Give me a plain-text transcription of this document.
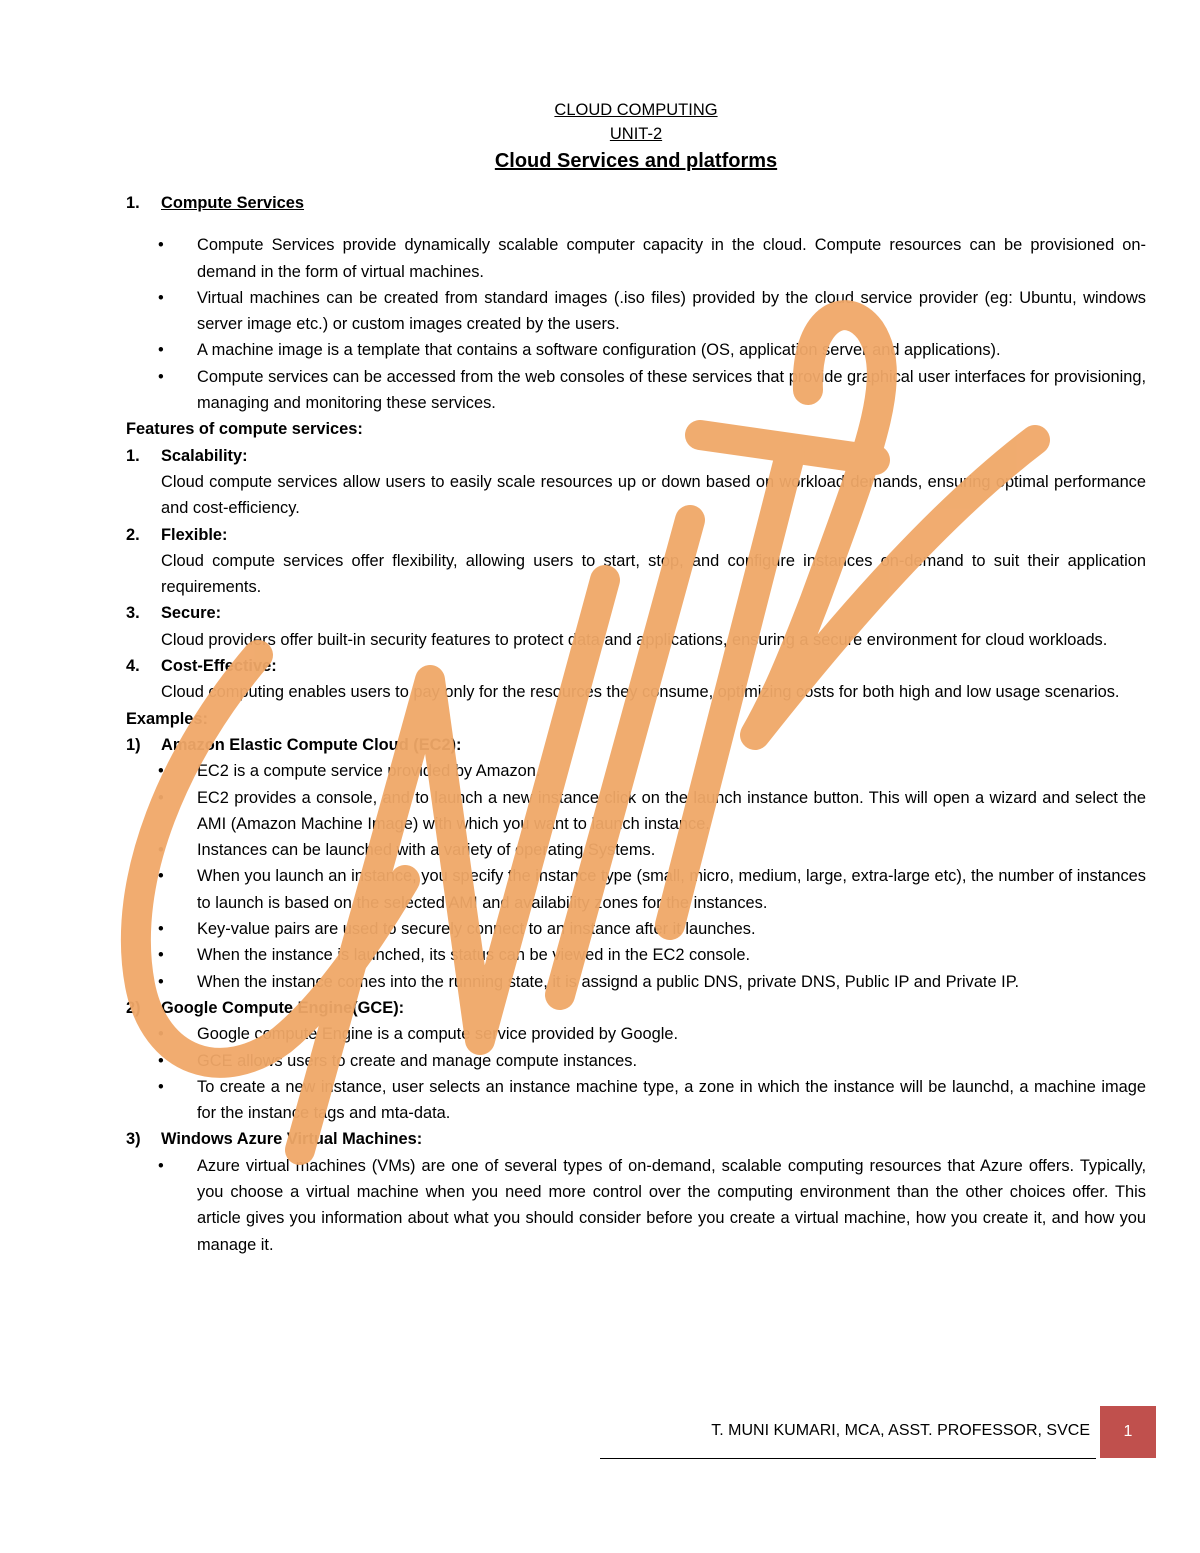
CLOUD COMPUTING

UNIT-2

Cloud Services and platforms

1.	Compute Services
• Compute Services provide dynamically scalable computer capacity in the cloud. Compute resources can be provisioned on-demand in the form of virtual machines.
• Virtual machines can be created from standard images (.iso files) provided by the cloud service provider (eg: Ubuntu, windows server image etc.) or custom images created by the users.
• A machine image is a template that contains a software configuration (OS, application server and applications).
• Compute services can be accessed from the web consoles of these services that provide graphical user interfaces for provisioning, managing and monitoring these services.
Features of compute services:
1. Scalability:
Cloud compute services allow users to easily scale resources up or down based on workload demands, ensuring optimal performance and cost-efficiency.
2. Flexible:
Cloud compute services offer flexibility, allowing users to start, stop, and configure instances on-demand to suit their application requirements.
3. Secure:
Cloud providers offer built-in security features to protect data and applications, ensuring a secure environment for cloud workloads.
4. Cost-Effective:
Cloud computing enables users to pay only for the resources they consume, optimizing costs for both high and low usage scenarios.
Examples:
1) Amazon Elastic Compute Cloud (EC2):
• EC2 is a compute service provided by Amazon.
• EC2 provides a console, and to launch a new instance click on the launch instance button. This will open a wizard and select the AMI (Amazon Machine Image) with which you want to launch instance.
• Instances can be launched with a variety of operating Systems.
• When you launch an instance, you specify the instance type (small, micro, medium, large, extra-large etc), the number of instances to launch is based on the selected AMI and availability zones for the instances.
• Key-value pairs are used to securely connect to an instance after it launches.
• When the instance is launched, its status can be viewed in the EC2 console.
• When the instance comes into the running state, it is assignd a public DNS, private DNS, Public IP and Private IP.
2) Google Compute Engine(GCE):
• Google compute Engine is a compute service provided by Google.
• GCE allows users to create and manage compute instances.
• To create a new instance, user selects an instance machine type, a zone in which the instance will be launchd, a machine image for the instance tags and mta-data.
3) Windows Azure Virtual Machines:
• Azure virtual machines (VMs) are one of several types of on-demand, scalable computing resources that Azure offers. Typically, you choose a virtual machine when you need more control over the computing environment than the other choices offer. This article gives you information about what you should consider before you create a virtual machine, how you create it, and how you manage it.
T. MUNI KUMARI, MCA, ASST. PROFESSOR, SVCE 1
